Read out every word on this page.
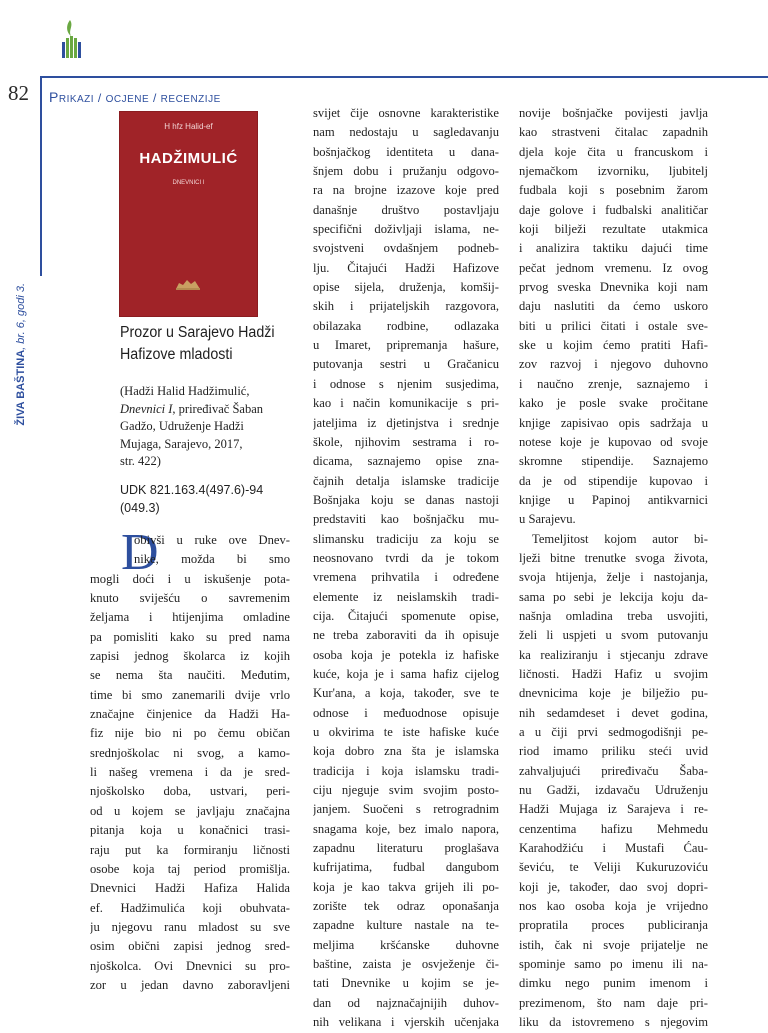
82 PRIKAZI / OCJENE / RECENZIJE
ŽIVA BAŠTINA, br. 6, godi 3.
H hfz Halid-ef
HADŽIMULIĆ
DNEVNICI I
Prozor u Sarajevo Hadži Hafizove mladosti
(Hadži Halid Hadžimulić,
Dnevnici I, priređivač Šaban
Gadžo, Udruženje Hadži
Mujaga, Sarajevo, 2017,
str. 422)
UDK 821.163.4(497.6)-94
(049.3)
D
obivši u ruke ove Dnev-
nike, možda bi smo
mogli doći i u iskušenje pota-
knuto sviješću o savremenim
željama i htijenjima omladine
pa pomisliti kako su pred nama
zapisi jednog školarca iz kojih
se nema šta naučiti. Međutim,
time bi smo zanemarili dvije vrlo
značajne činjenice da Hadži Ha-
fiz nije bio ni po čemu običan
srednjoškolac ni svog, a kamo-
li našeg vremena i da je sred-
njoškolsko doba, ustvari, peri-
od u kojem se javljaju značajna
pitanja koja u konačnici trasi-
raju put ka formiranju ličnosti
osobe koja taj period promišlja.
Dnevnici Hadži Hafiza Halida
ef. Hadžimulića koji obuhvata-
ju njegovu ranu mladost su sve
osim obični zapisi jednog sred-
njoškolca. Ovi Dnevnici su pro-
zor u jedan davno zaboravljeni
svijet čije osnovne karakteristike
nam nedostaju u sagledavanju
bošnjačkog identiteta u dana-
šnjem dobu i pružanju odgovo-
ra na brojne izazove koje pred
današnje društvo postavljaju
specifični doživljaji islama, ne-
svojstveni ovdašnjem podneb-
lju. Čitajući Hadži Hafizove
opise sijela, druženja, komšij-
skih i prijateljskih razgovora,
obilazaka rodbine, odlazaka
u Imaret, pripremanja hašure,
putovanja sestri u Gračanicu
i odnose s njenim susjedima,
kao i način komunikacije s pri-
jateljima iz djetinjstva i srednje
škole, njihovim sestrama i ro-
dicama, saznajemo opise zna-
čajnih detalja islamske tradicije
Bošnjaka koju se danas nastoji
predstaviti kao bošnjačku mu-
slimansku tradiciju za koju se
neosnovano tvrdi da je tokom
vremena prihvatila i određene
elemente iz neislamskih tradi-
cija. Čitajući spomenute opise,
ne treba zaboraviti da ih opisuje
osoba koja je potekla iz hafiske
kuće, koja je i sama hafiz cijelog
Kur'ana, a koja, također, sve te
odnose i međuodnose opisuje
u okvirima te iste hafiske kuće
koja dobro zna šta je islamska
tradicija i koja islamsku tradi-
ciju njeguje svim svojim posto-
janjem. Suočeni s retrogradnim
snagama koje, bez imalo napora,
zapadnu literaturu proglašava
kufrijatima, fudbal dangubom
koja je kao takva grijeh ili po-
zorište tek odraz oponašanja
zapadne kulture nastale na te-
meljima kršćanske duhovne
baštine, zaista je osvježenje či-
tati Dnevnike u kojim se je-
dan od najznačajnijih duhov-
nih velikana i vjerskih učenjaka
novije bošnjačke povijesti javlja
kao strastveni čitalac zapadnih
djela koje čita u francuskom i
njemačkom izvorniku, ljubitelj
fudbala koji s posebnim žarom
daje golove i fudbalski analitičar
koji bilježi rezultate utakmica
i analizira taktiku dajući time
pečat jednom vremenu. Iz ovog
prvog sveska Dnevnika koji nam
daju naslutiti da ćemo uskoro
biti u prilici čitati i ostale sve-
ske u kojim ćemo pratiti Hafi-
zov razvoj i njegovo duhovno
i naučno zrenje, saznajemo i
kako je posle svake pročitane
knjige zapisivao opis sadržaja u
notese koje je kupovao od svoje
skromne stipendije. Saznajemo
da je od stipendije kupovao i
knjige u Papinoj antikvarnici
u Sarajevu.
Temeljitost kojom autor bi-
lježi bitne trenutke svoga života,
svoja htijenja, želje i nastojanja,
sama po sebi je lekcija koju da-
našnja omladina treba usvojiti,
želi li uspjeti u svom putovanju
ka realiziranju i stjecanju zdrave
ličnosti. Hadži Hafiz u svojim
dnevnicima koje je bilježio pu-
nih sedamdeset i devet godina,
a u čiji prvi sedmogodišnji pe-
riod imamo priliku steći uvid
zahvaljujući priređivaču Šaba-
nu Gadži, izdavaču Udruženju
Hadži Mujaga iz Sarajeva i re-
cenzentima hafizu Mehmedu
Karahodžiću i Mustafi Ćau-
ševiću, te Veliji Kukuruzoviću
koji je, također, dao svoj dopri-
nos kao osoba koja je vrijedno
propratila proces publiciranja
istih, čak ni svoje prijatelje ne
spominje samo po imenu ili na-
dimku nego punim imenom i
prezimenom, što nam daje pri-
liku da istovremeno s njegovim
